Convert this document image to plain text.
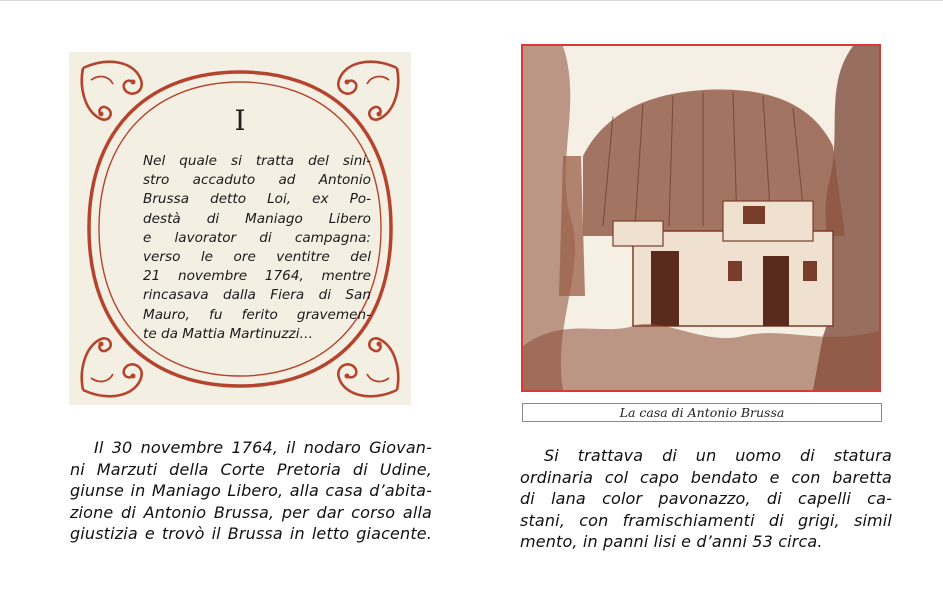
I
Nel quale si tratta del sini-
stro accaduto ad Antonio
Brussa detto Loi, ex Po-
destà di Maniago Libero
e lavorator di campagna:
verso le ore ventitre del
21 novembre 1764, mentre
rincasava dalla Fiera di San
Mauro, fu ferito gravemen-
te da Mattia Martinuzzi…
La casa di Antonio Brussa
Il 30 novembre 1764, il nodaro Giovan-
ni Marzuti della Corte Pretoria di Udine,
giunse in Maniago Libero, alla casa d’abita-
zione di Antonio Brussa, per dar corso alla
giustizia e trovò il Brussa in letto giacente.
Si trattava di un uomo di statura
ordinaria col capo bendato e con baretta
di lana color pavonazzo, di capelli ca-
stani, con framischiamenti di grigi, simil
mento, in panni lisi e d’anni 53 circa.
